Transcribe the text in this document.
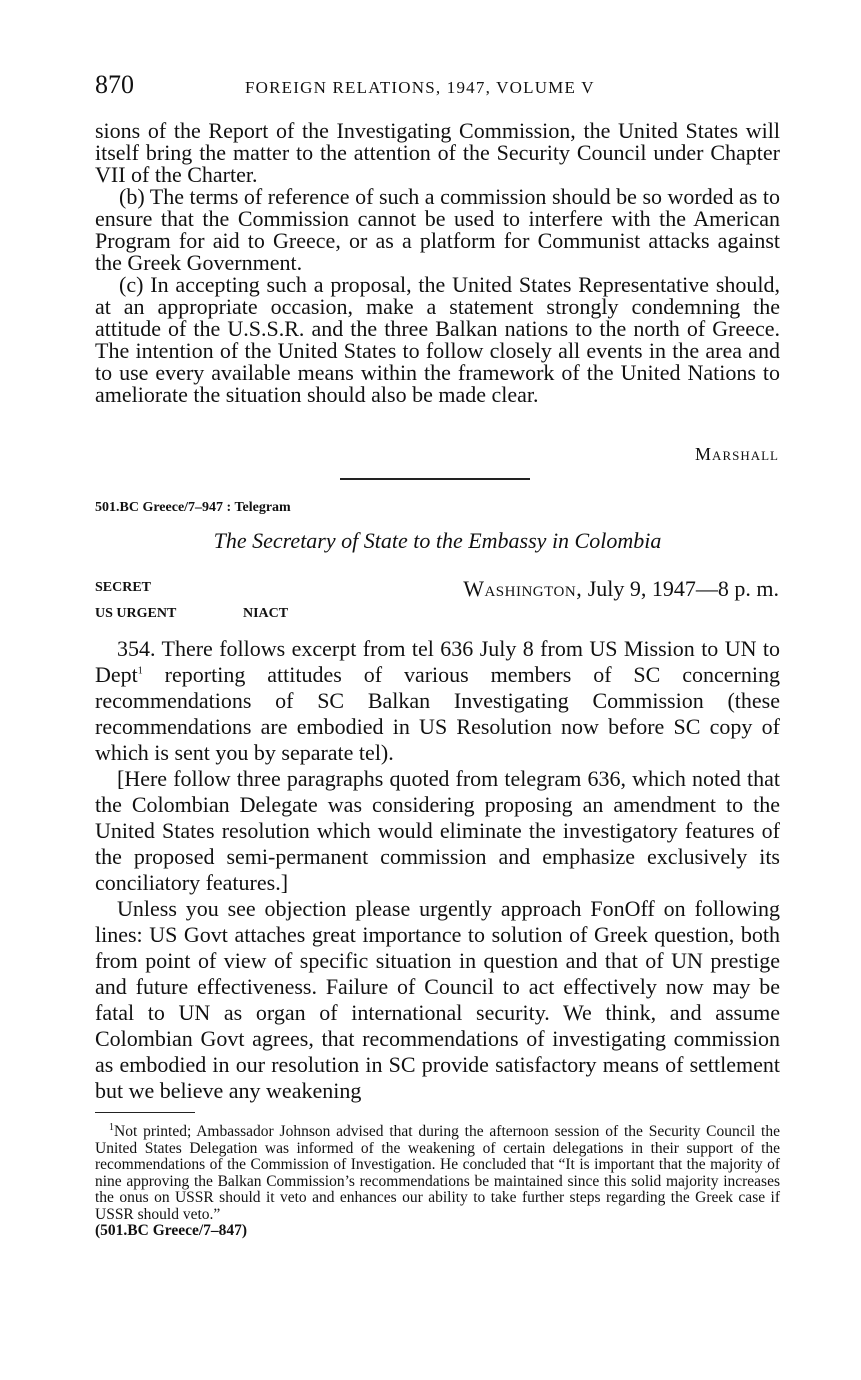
870	FOREIGN RELATIONS, 1947, VOLUME V

sions of the Report of the Investigating Commission, the United States will itself bring the matter to the attention of the Security Council under Chapter VII of the Charter.

(b) The terms of reference of such a commission should be so worded as to ensure that the Commission cannot be used to interfere with the American Program for aid to Greece, or as a platform for Communist attacks against the Greek Government.

(c) In accepting such a proposal, the United States Representative should, at an appropriate occasion, make a statement strongly condemning the attitude of the U.S.S.R. and the three Balkan nations to the north of Greece. The intention of the United States to follow closely all events in the area and to use every available means within the framework of the United Nations to ameliorate the situation should also be made clear.

Marshall
501.BC Greece/7–947 : Telegram
The Secretary of State to the Embassy in Colombia
SECRET
US URGENT	NIACT
Washington, July 9, 1947—8 p. m.

354. There follows excerpt from tel 636 July 8 from US Mission to UN to Dept$^1$ reporting attitudes of various members of SC concerning recommendations of SC Balkan Investigating Commission (these recommendations are embodied in US Resolution now before SC copy of which is sent you by separate tel).

[Here follow three paragraphs quoted from telegram 636, which noted that the Colombian Delegate was considering proposing an amendment to the United States resolution which would eliminate the investigatory features of the proposed semi-permanent commission and emphasize exclusively its conciliatory features.]

Unless you see objection please urgently approach FonOff on following lines: US Govt attaches great importance to solution of Greek question, both from point of view of specific situation in question and that of UN prestige and future effectiveness. Failure of Council to act effectively now may be fatal to UN as organ of international security. We think, and assume Colombian Govt agrees, that recommendations of investigating commission as embodied in our resolution in SC provide satisfactory means of settlement but we believe any weakening

$^1$Not printed; Ambassador Johnson advised that during the afternoon session of the Security Council the United States Delegation was informed of the weakening of certain delegations in their support of the recommendations of the Commission of Investigation. He concluded that “It is important that the majority of nine approving the Balkan Commission’s recommendations be maintained since this solid majority increases the onus on USSR should it veto and enhances our ability to take further steps regarding the Greek case if USSR should veto.”
(501.BC Greece/7–847)
